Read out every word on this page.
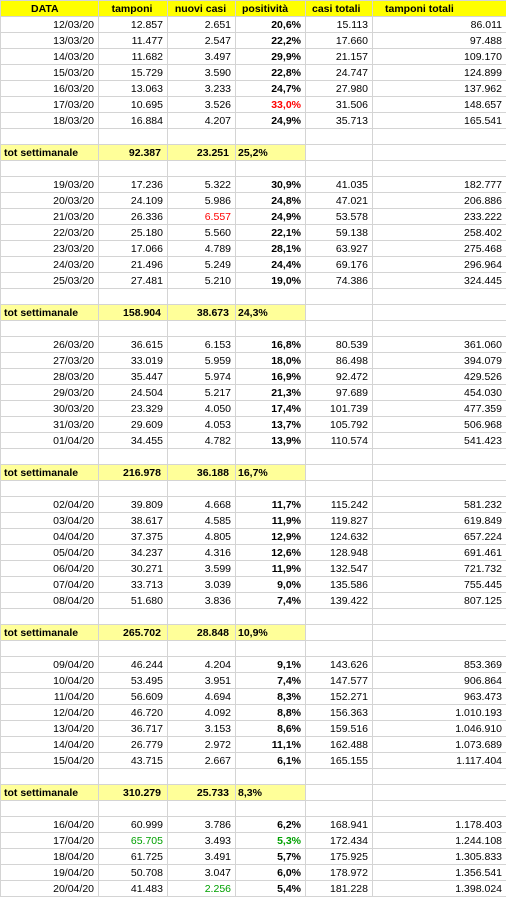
DATA	tamponi	nuovi casi	positività	casi totali	tamponi totali
12/03/20	12.857	2.651	20,6%	15.113	86.011
13/03/20	11.477	2.547	22,2%	17.660	97.488
14/03/20	11.682	3.497	29,9%	21.157	109.170
15/03/20	15.729	3.590	22,8%	24.747	124.899
16/03/20	13.063	3.233	24,7%	27.980	137.962
17/03/20	10.695	3.526	33,0%	31.506	148.657
18/03/20	16.884	4.207	24,9%	35.713	165.541

tot settimanale	92.387	23.251	25,2%		

19/03/20	17.236	5.322	30,9%	41.035	182.777
20/03/20	24.109	5.986	24,8%	47.021	206.886
21/03/20	26.336	6.557	24,9%	53.578	233.222
22/03/20	25.180	5.560	22,1%	59.138	258.402
23/03/20	17.066	4.789	28,1%	63.927	275.468
24/03/20	21.496	5.249	24,4%	69.176	296.964
25/03/20	27.481	5.210	19,0%	74.386	324.445

tot settimanale	158.904	38.673	24,3%		

26/03/20	36.615	6.153	16,8%	80.539	361.060
27/03/20	33.019	5.959	18,0%	86.498	394.079
28/03/20	35.447	5.974	16,9%	92.472	429.526
29/03/20	24.504	5.217	21,3%	97.689	454.030
30/03/20	23.329	4.050	17,4%	101.739	477.359
31/03/20	29.609	4.053	13,7%	105.792	506.968
01/04/20	34.455	4.782	13,9%	110.574	541.423

tot settimanale	216.978	36.188	16,7%		

02/04/20	39.809	4.668	11,7%	115.242	581.232
03/04/20	38.617	4.585	11,9%	119.827	619.849
04/04/20	37.375	4.805	12,9%	124.632	657.224
05/04/20	34.237	4.316	12,6%	128.948	691.461
06/04/20	30.271	3.599	11,9%	132.547	721.732
07/04/20	33.713	3.039	9,0%	135.586	755.445
08/04/20	51.680	3.836	7,4%	139.422	807.125

tot settimanale	265.702	28.848	10,9%		

09/04/20	46.244	4.204	9,1%	143.626	853.369
10/04/20	53.495	3.951	7,4%	147.577	906.864
11/04/20	56.609	4.694	8,3%	152.271	963.473
12/04/20	46.720	4.092	8,8%	156.363	1.010.193
13/04/20	36.717	3.153	8,6%	159.516	1.046.910
14/04/20	26.779	2.972	11,1%	162.488	1.073.689
15/04/20	43.715	2.667	6,1%	165.155	1.117.404

tot settimanale	310.279	25.733	8,3%		

16/04/20	60.999	3.786	6,2%	168.941	1.178.403
17/04/20	65.705	3.493	5,3%	172.434	1.244.108
18/04/20	61.725	3.491	5,7%	175.925	1.305.833
19/04/20	50.708	3.047	6,0%	178.972	1.356.541
20/04/20	41.483	2.256	5,4%	181.228	1.398.024
